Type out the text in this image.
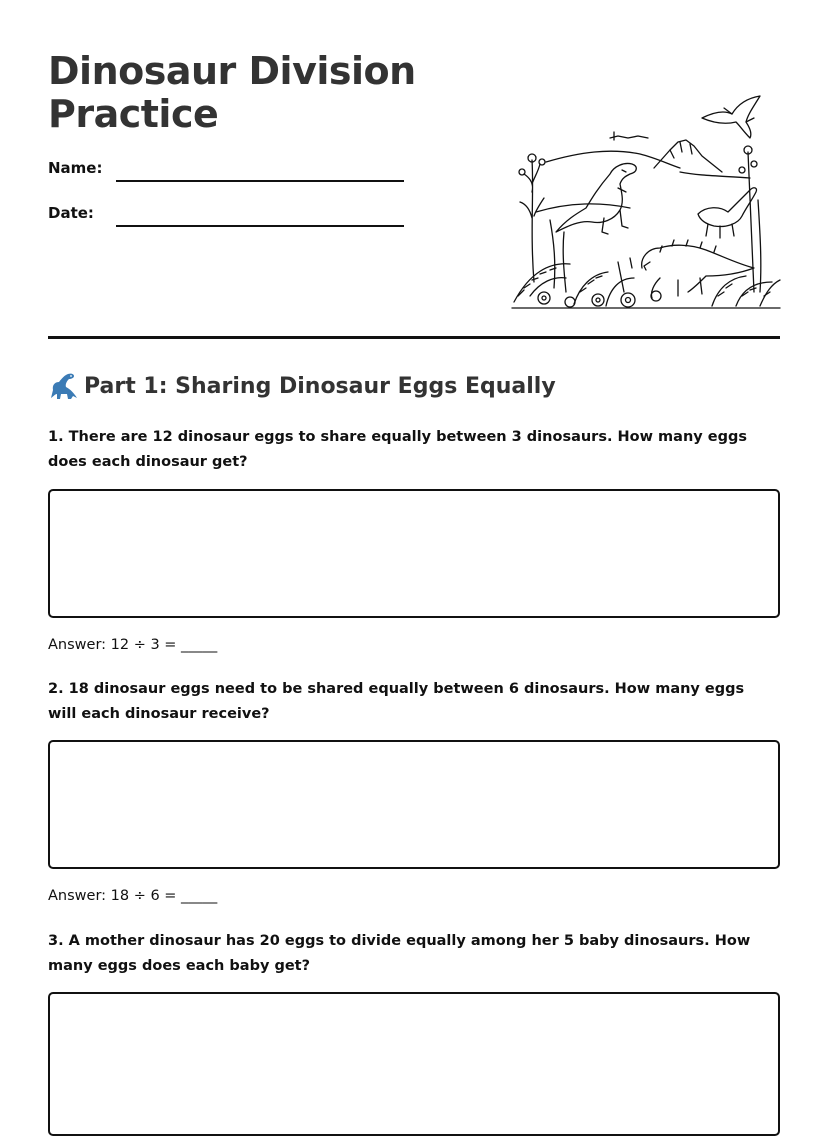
Dinosaur Division Practice
Name:
Date:
Part 1: Sharing Dinosaur Eggs Equally
1. There are 12 dinosaur eggs to share equally between 3 dinosaurs. How many eggs does each dinosaur get?
Answer: 12 ÷ 3 = _____
2. 18 dinosaur eggs need to be shared equally between 6 dinosaurs. How many eggs will each dinosaur receive?
Answer: 18 ÷ 6 = _____
3. A mother dinosaur has 20 eggs to divide equally among her 5 baby dinosaurs. How many eggs does each baby get?
